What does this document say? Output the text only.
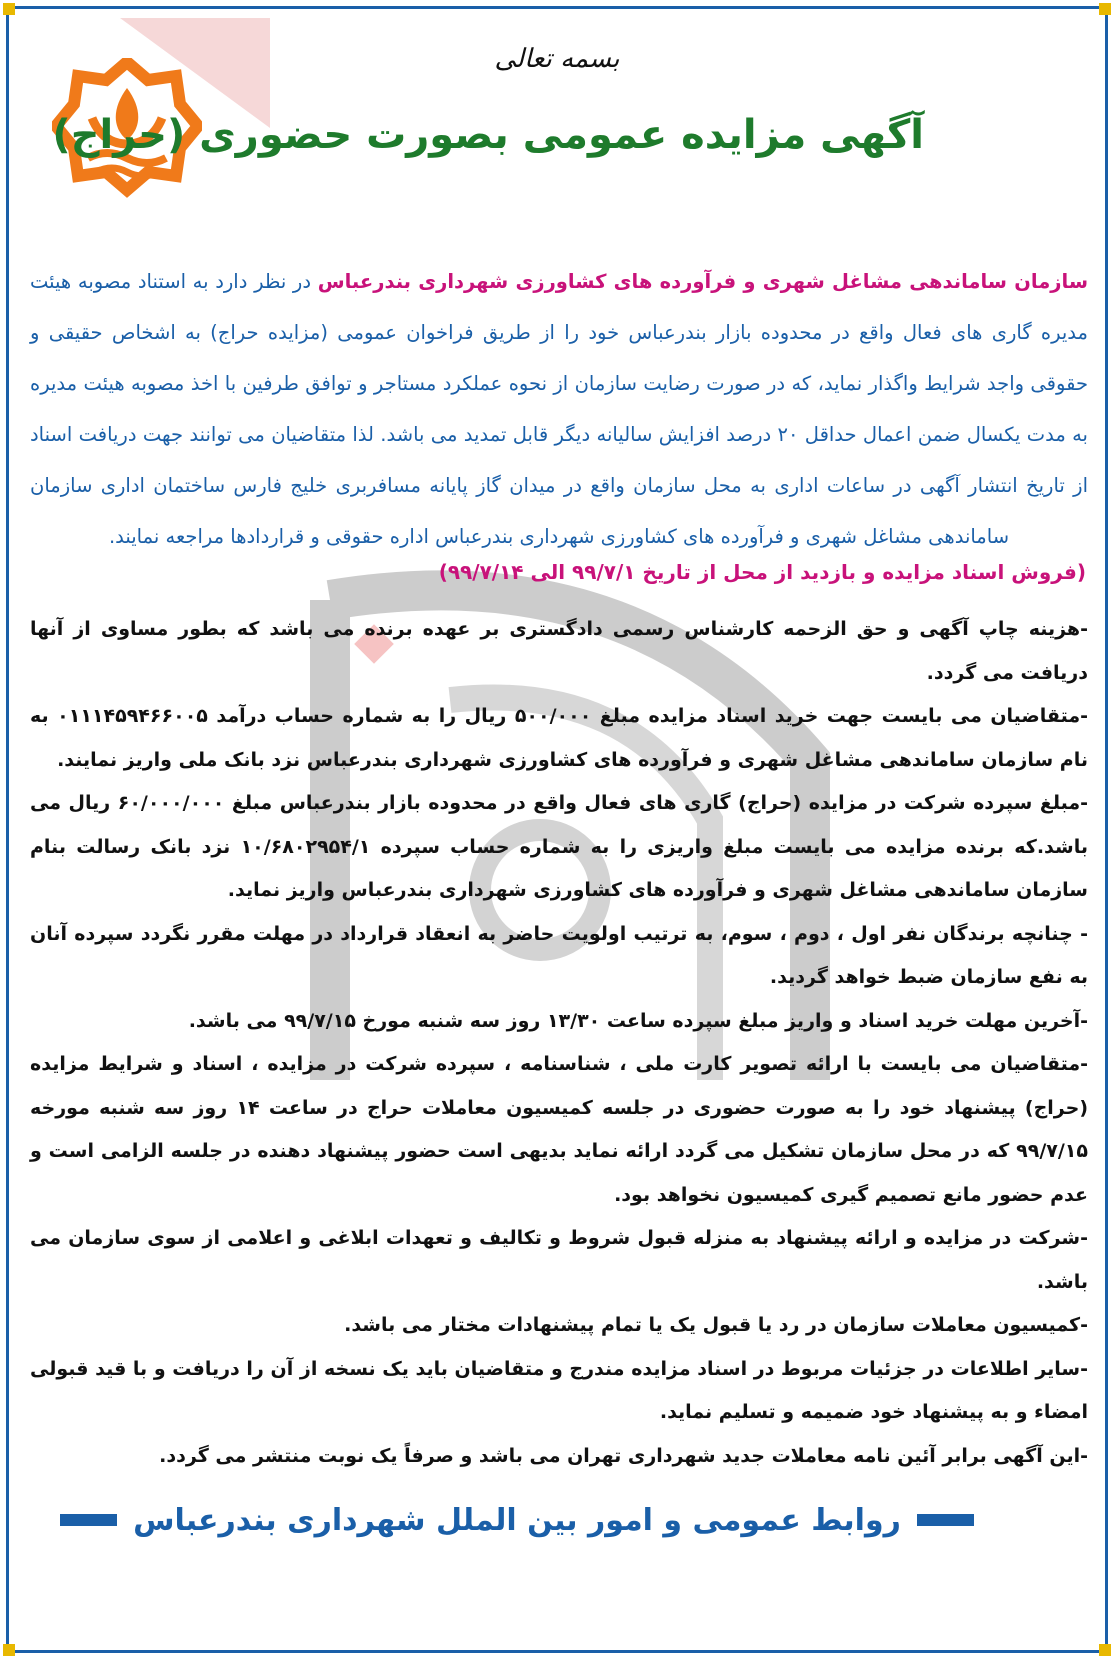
بسمه تعالی
آگهی مزایده عمومی بصورت حضوری (حراج)
سازمان ساماندهی مشاغل شهری و فرآورده های کشاورزی شهرداری بندرعباس در نظر دارد به استناد مصوبه هیئت مدیره گاری های فعال واقع در محدوده بازار بندرعباس خود را از طریق فراخوان عمومی (مزایده حراج) به اشخاص حقیقی و حقوقی واجد شرایط واگذار نماید، که در صورت رضایت سازمان از نحوه عملکرد مستاجر و توافق طرفین با اخذ مصوبه هیئت مدیره به مدت یکسال ضمن اعمال حداقل ۲۰ درصد افزایش سالیانه دیگر قابل تمدید می باشد. لذا متقاضیان می توانند جهت دریافت اسناد از تاریخ انتشار آگهی در ساعات اداری به محل سازمان واقع در میدان گاز پایانه مسافربری خلیج فارس ساختمان اداری سازمان ساماندهی مشاغل شهری و فرآورده های کشاورزی شهرداری بندرعباس اداره حقوقی و قراردادها مراجعه نمایند.
(فروش اسناد مزایده و بازدید از محل از تاریخ ۹۹/۷/۱ الی ۹۹/۷/۱۴)

-هزینه چاپ آگهی و حق الزحمه کارشناس رسمی دادگستری بر عهده برنده می باشد که بطور مساوی از آنها دریافت می گردد.

-متقاضیان می بایست جهت خرید اسناد مزایده مبلغ ۵۰۰/۰۰۰ ریال را به شماره حساب درآمد ۰۱۱۱۴۵۹۴۶۶۰۰۵ به نام سازمان ساماندهی مشاغل شهری و فرآورده های کشاورزی شهرداری بندرعباس نزد بانک ملی واریز نمایند.

-مبلغ سپرده شرکت در مزایده (حراج) گاری های فعال واقع در محدوده بازار بندرعباس مبلغ ۶۰/۰۰۰/۰۰۰ ریال می باشد.که برنده مزایده می بایست مبلغ واریزی را به شماره حساب سپرده ۱۰/۶۸۰۲۹۵۴/۱ نزد بانک رسالت بنام سازمان ساماندهی مشاغل شهری و فرآورده های کشاورزی شهرداری بندرعباس واریز نماید.

- چنانچه برندگان نفر اول ، دوم ، سوم، به ترتیب اولویت حاضر به انعقاد قرارداد در مهلت مقرر نگردد سپرده آنان به نفع سازمان ضبط خواهد گردید.

-آخرین مهلت خرید اسناد و واریز مبلغ سپرده ساعت ۱۳/۳۰ روز سه شنبه مورخ ۹۹/۷/۱۵ می باشد.

-متقاضیان می بایست با ارائه تصویر کارت ملی ، شناسنامه ، سپرده شرکت در مزایده ، اسناد و شرایط مزایده (حراج) پیشنهاد خود را به صورت حضوری در جلسه کمیسیون معاملات حراج در ساعت ۱۴ روز سه شنبه مورخه ۹۹/۷/۱۵ که در محل سازمان تشکیل می گردد ارائه نماید بدیهی است حضور پیشنهاد دهنده در جلسه الزامی است و عدم حضور مانع تصمیم گیری کمیسیون نخواهد بود.

-شرکت در مزایده و ارائه پیشنهاد به منزله قبول شروط و تکالیف و تعهدات ابلاغی و اعلامی از سوی سازمان می باشد.

-کمیسیون معاملات سازمان در رد یا قبول یک یا تمام پیشنهادات مختار می باشد.

-سایر اطلاعات در جزئیات مربوط در اسناد مزایده مندرج و متقاضیان باید یک نسخه از آن را دریافت و با قید قبولی امضاء و به پیشنهاد خود ضمیمه و تسلیم نماید.

-این آگهی برابر آئین نامه معاملات جدید شهرداری تهران می باشد و صرفاً یک نوبت منتشر می گردد.

روابط عمومی و امور بین الملل شهرداری بندرعباس
